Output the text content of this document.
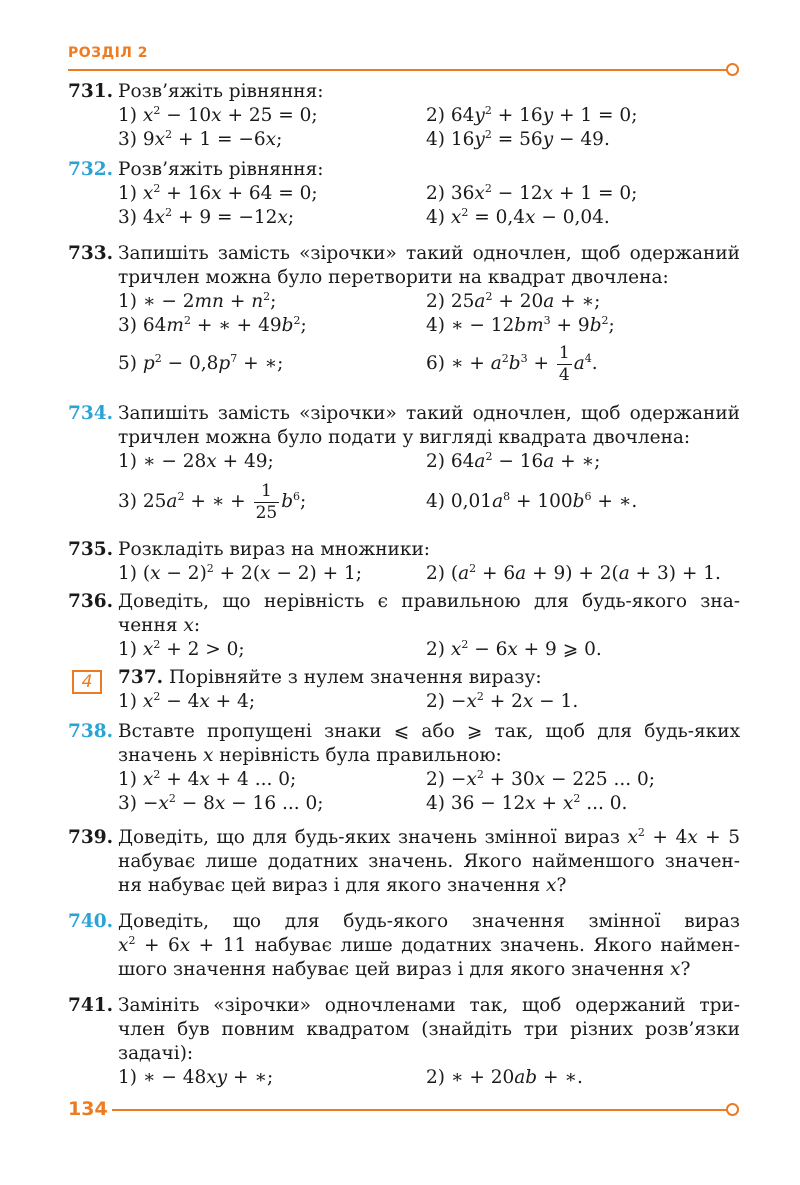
РОЗДІЛ 2
731. Розв’яжіть рівняння:
1) $x^2 - 10x + 25 = 0$;	2) $64y^2 + 16y + 1 = 0$;
3) $9x^2 + 1 = -6x$;	4) $16y^2 = 56y - 49$.
732. Розв’яжіть рівняння:
1) $x^2 + 16x + 64 = 0$;	2) $36x^2 - 12x + 1 = 0$;
3) $4x^2 + 9 = -12x$;	4) $x^2 = 0,4x - 0,04$.
733. Запишіть замість «зірочки» такий одночлен, щоб одержаний
тричлен можна було перетворити на квадрат двочлена:
1) ∗ − $2mn + n^2$;	2) $25a^2 + 20a$ + ∗;
3) $64m^2$ + ∗ + $49b^2$;	4) ∗ − $12bm^3 + 9b^2$;
5) $p^2 - 0,8p^7$ + ∗;	6) ∗ + $a^2b^3 + \frac{1}{4} a^4$.
734. Запишіть замість «зірочки» такий одночлен, щоб одержаний
тричлен можна було подати у вигляді квадрата двочлена:
1) ∗ − 28x + 49;	2) $64a^2 - 16a$ + ∗;
3) $25a^2$ + ∗ + $\frac{1}{25} b^6$;	4) $0,01a^8 + 100b^6$ + ∗.
735. Розкладіть вираз на множники:
1) $(x - 2)^2 + 2(x - 2) + 1$;	2) $(a^2 + 6a + 9) + 2(a + 3) + 1$.
736. Доведіть, що нерівність є правильною для будь-якого зна-
чення x:
1) $x^2 + 2 > 0$;	2) $x^2 - 6x + 9$ ⩾ 0.
4	737. Порівняйте з нулем значення виразу:
1) $x^2 - 4x + 4$;	$2) -x^2 + 2x - 1$.
738. Вставте пропущені знаки ⩽ або ⩾ так, щоб для будь-яких
значень x нерівність була правильною:
1) $x^2 + 4x + 4$ ... 0;	$2) -x^2 + 30x - 225$ ... 0;
$3) -x^2 - 8x - 16$ ... 0;	4) $36 - 12x + x^2$ ... 0.
739. Доведіть, що для будь-яких значень змінної вираз $x^2 + 4x + 5$
набуває лише додатних значень. Якого найменшого значен-
ня набуває цей вираз і для якого значення x?
740. Доведіть, що для будь-якого значення змінної вираз
$x^2 + 6x + 11$ набуває лише додатних значень. Якого наймен-
шого значення набуває цей вираз і для якого значення x?
741. Замініть «зірочки» одночленами так, щоб одержаний три-
член був повним квадратом (знайдіть три різних розв’язки
задачі):
1) ∗ − 48xy + ∗;	2) ∗ + 20ab + ∗.
134
